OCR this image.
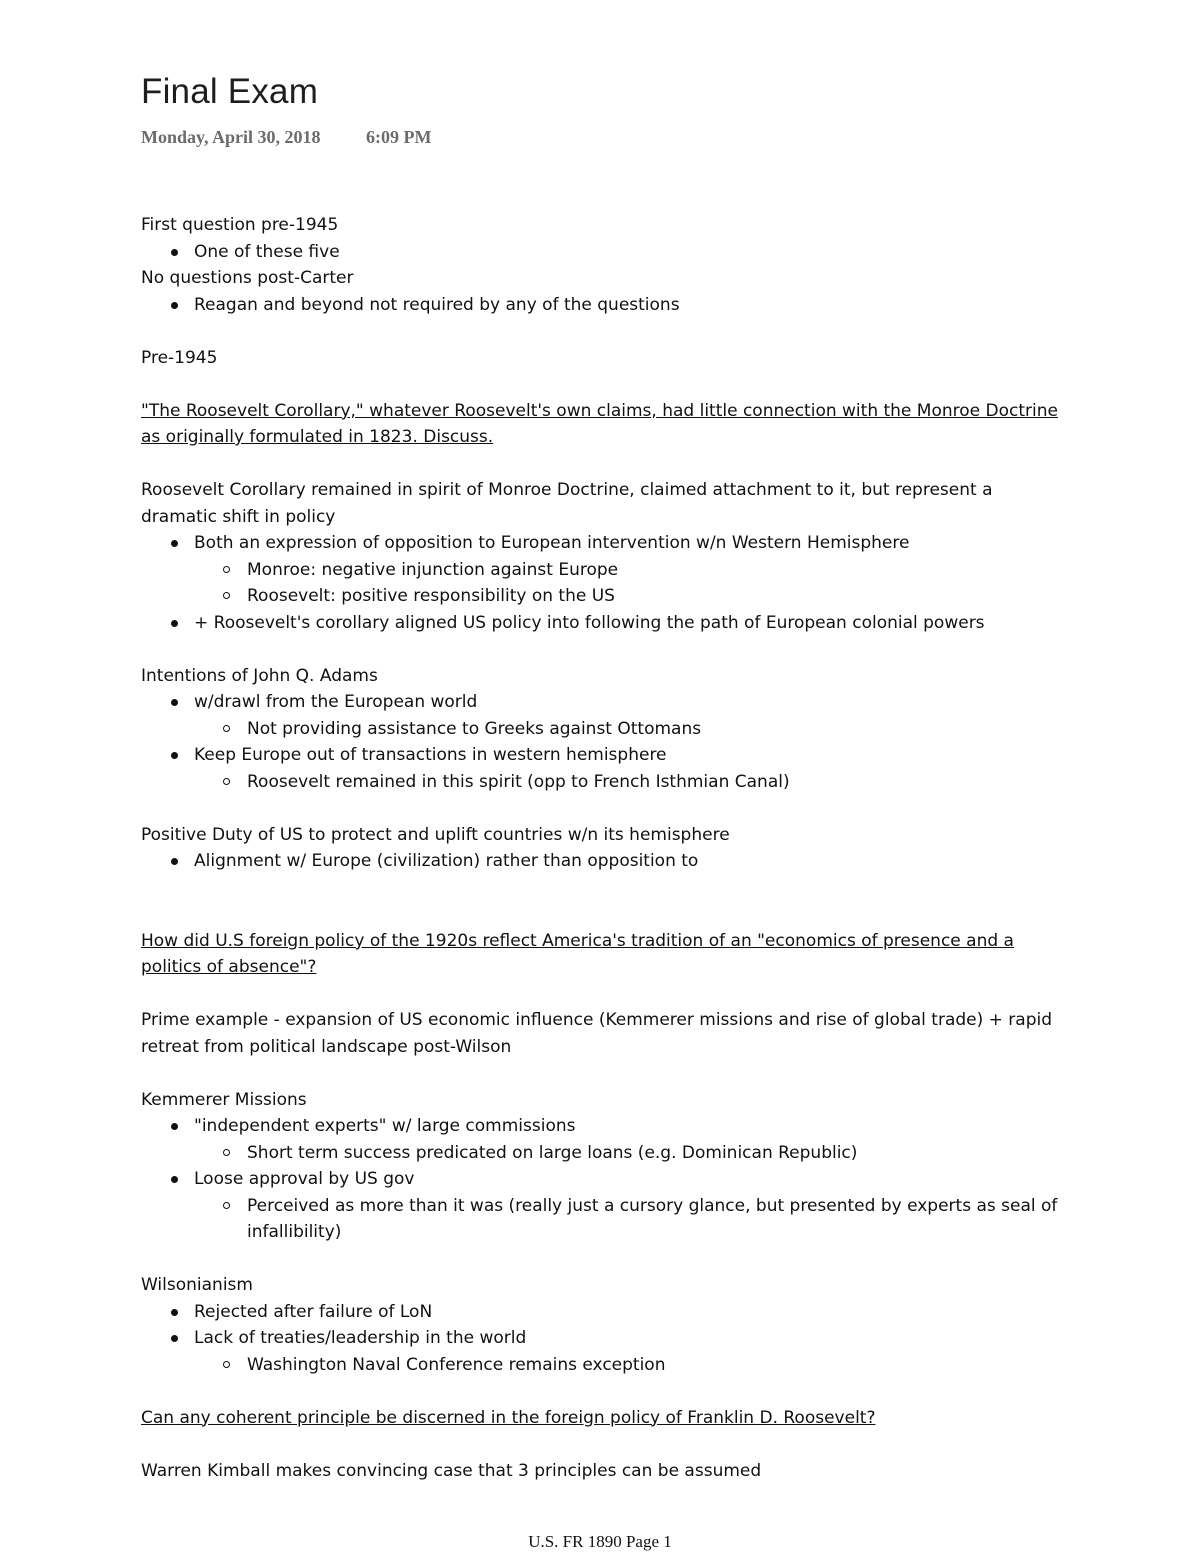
Final Exam
Monday, April 30, 2018	6:09 PM

First question pre-1945

One of these five

No questions post-Carter

Reagan and beyond not required by any of the questions

Pre-1945

"The Roosevelt Corollary," whatever Roosevelt's own claims, had little connection with the Monroe Doctrine as originally formulated in 1823. Discuss.

Roosevelt Corollary remained in spirit of Monroe Doctrine, claimed attachment to it, but represent a dramatic shift in policy

Both an expression of opposition to European intervention w/n Western Hemisphere
Monroe: negative injunction against Europe
Roosevelt: positive responsibility on the US
+ Roosevelt's corollary aligned US policy into following the path of European colonial powers

Intentions of John Q. Adams

w/drawl from the European world
Not providing assistance to Greeks against Ottomans
Keep Europe out of transactions in western hemisphere
Roosevelt remained in this spirit (opp to French Isthmian Canal)

Positive Duty of US to protect and uplift countries w/n its hemisphere

Alignment w/ Europe (civilization) rather than opposition to

How did U.S foreign policy of the 1920s reflect America's tradition of an "economics of presence and a politics of absence"?

Prime example - expansion of US economic influence (Kemmerer missions and rise of global trade) + rapid retreat from political landscape post-Wilson

Kemmerer Missions

"independent experts" w/ large commissions
Short term success predicated on large loans (e.g. Dominican Republic)
Loose approval by US gov
Perceived as more than it was (really just a cursory glance, but presented by experts as seal of infallibility)

Wilsonianism

Rejected after failure of LoN
Lack of treaties/leadership in the world
Washington Naval Conference remains exception

Can any coherent principle be discerned in the foreign policy of Franklin D. Roosevelt?

Warren Kimball makes convincing case that 3 principles can be assumed

U.S. FR 1890 Page 1
